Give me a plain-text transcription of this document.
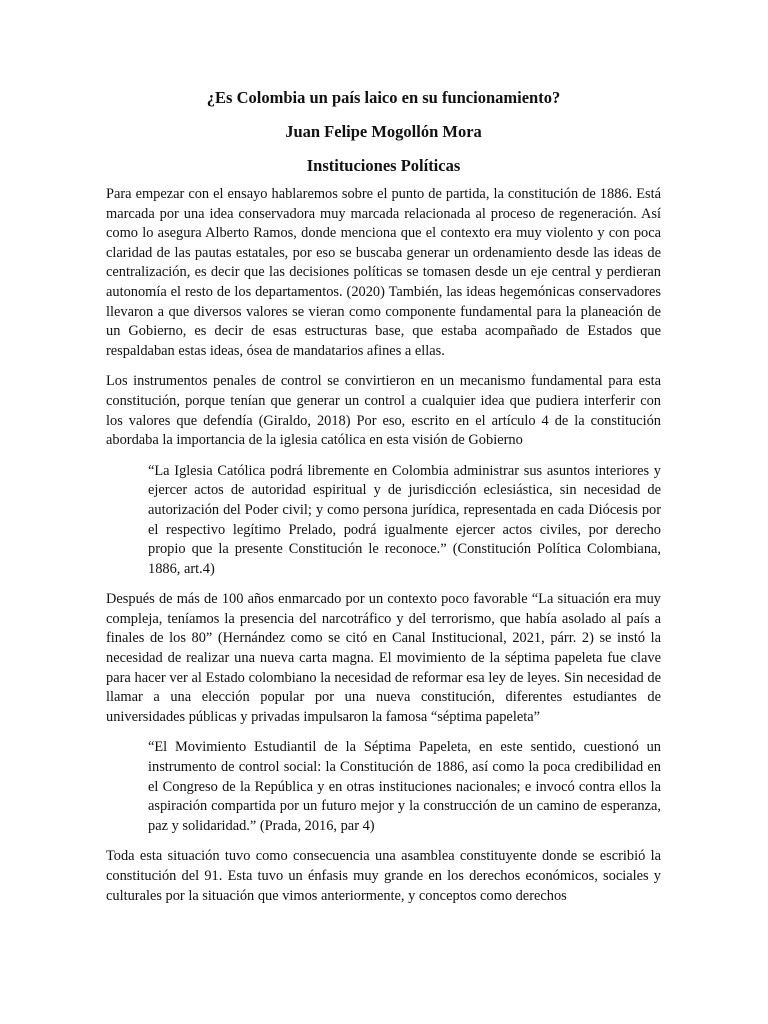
¿Es Colombia un país laico en su funcionamiento?

Juan Felipe Mogollón Mora

Instituciones Políticas

Para empezar con el ensayo hablaremos sobre el punto de partida, la constitución de 1886. Está marcada por una idea conservadora muy marcada relacionada al proceso de regeneración. Así como lo asegura Alberto Ramos, donde menciona que el contexto era muy violento y con poca claridad de las pautas estatales, por eso se buscaba generar un ordenamiento desde las ideas de centralización, es decir que las decisiones políticas se tomasen desde un eje central y perdieran autonomía el resto de los departamentos. (2020) También, las ideas hegemónicas conservadores llevaron a que diversos valores se vieran como componente fundamental para la planeación de un Gobierno, es decir de esas estructuras base, que estaba acompañado de Estados que respaldaban estas ideas, ósea de mandatarios afines a ellas.

Los instrumentos penales de control se convirtieron en un mecanismo fundamental para esta constitución, porque tenían que generar un control a cualquier idea que pudiera interferir con los valores que defendía (Giraldo, 2018) Por eso, escrito en el artículo 4 de la constitución abordaba la importancia de la iglesia católica en esta visión de Gobierno

“La Iglesia Católica podrá libremente en Colombia administrar sus asuntos interiores y ejercer actos de autoridad espiritual y de jurisdicción eclesiástica, sin necesidad de autorización del Poder civil; y como persona jurídica, representada en cada Diócesis por el respectivo legítimo Prelado, podrá igualmente ejercer actos civiles, por derecho propio que la presente Constitución le reconoce.” (Constitución Política Colombiana, 1886, art.4)

Después de más de 100 años enmarcado por un contexto poco favorable “La situación era muy compleja, teníamos la presencia del narcotráfico y del terrorismo, que había asolado al país a finales de los 80” (Hernández como se citó en Canal Institucional, 2021, párr. 2) se instó la necesidad de realizar una nueva carta magna. El movimiento de la séptima papeleta fue clave para hacer ver al Estado colombiano la necesidad de reformar esa ley de leyes. Sin necesidad de llamar a una elección popular por una nueva constitución, diferentes estudiantes de universidades públicas y privadas impulsaron la famosa “séptima papeleta”

“El Movimiento Estudiantil de la Séptima Papeleta, en este sentido, cuestionó un instrumento de control social: la Constitución de 1886, así como la poca credibilidad en el Congreso de la República y en otras instituciones nacionales; e invocó contra ellos la aspiración compartida por un futuro mejor y la construcción de un camino de esperanza, paz y solidaridad.” (Prada, 2016, par 4)

Toda esta situación tuvo como consecuencia una asamblea constituyente donde se escribió la constitución del 91. Esta tuvo un énfasis muy grande en los derechos económicos, sociales y culturales por la situación que vimos anteriormente, y conceptos como derechos
